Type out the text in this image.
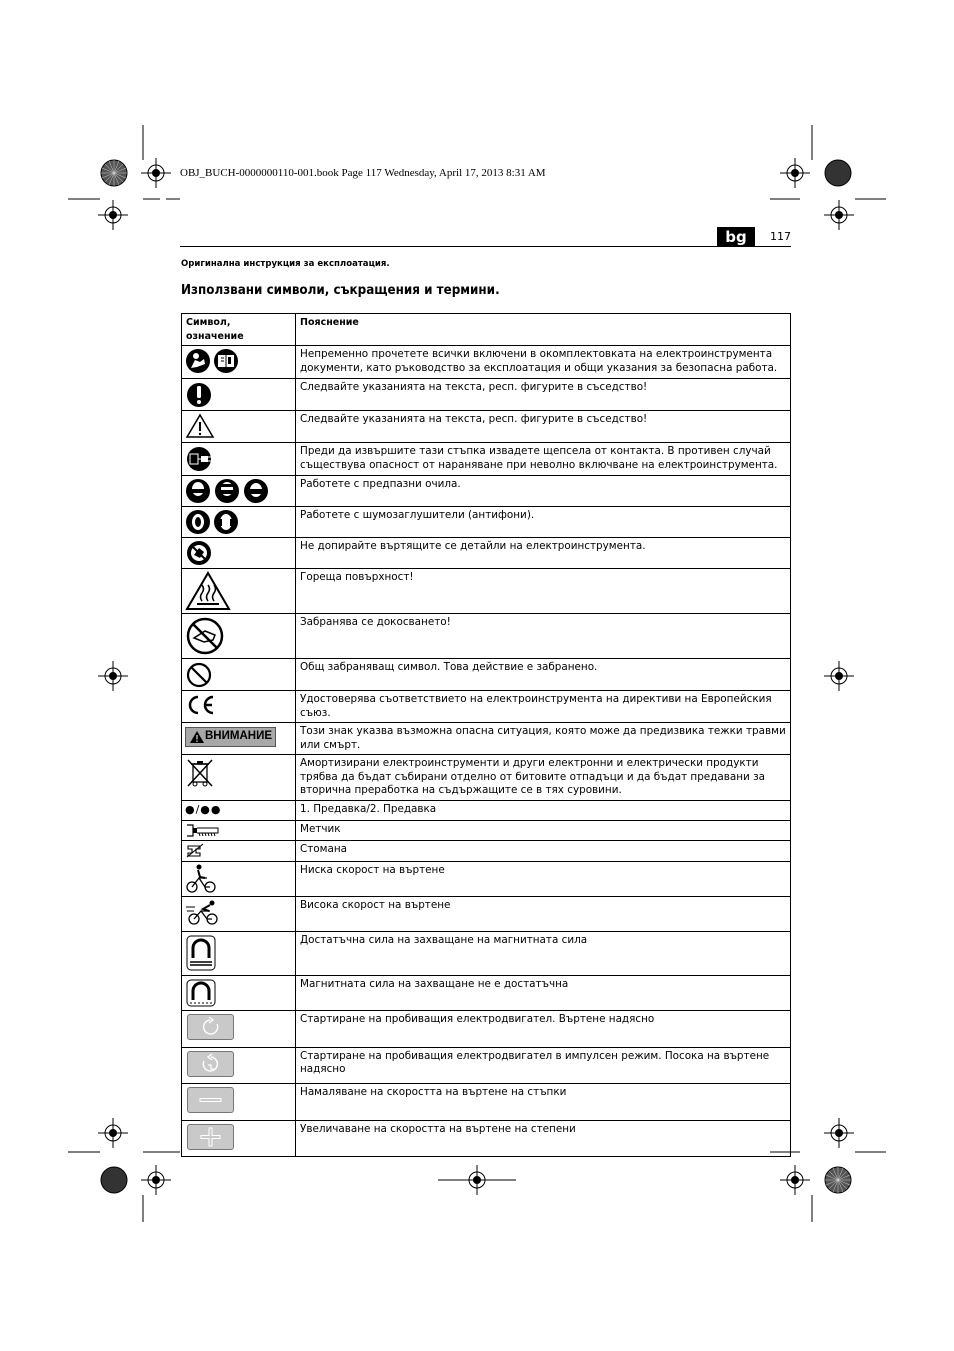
OBJ_BUCH-0000000110-001.book Page 117 Wednesday, April 17, 2013 8:31 AM
bg	117
Оригинална инструкция за експлоатация.
Използвани символи, съкращения и термини.
Символ, означение	Пояснение
	Непременно прочетете всички включени в окомплектовката на електроинструмента документи, като ръководство за експлоатация и общи указания за безопасна работа.
	Следвайте указанията на текста, респ. фигурите в съседство!
	Следвайте указанията на текста, респ. фигурите в съседство!
	Преди да извършите тази стъпка извадете щепсела от контакта. В противен случай съществува опасност от нараняване при неволно включване на електроинструмента.
	Работете с предпазни очила.
	Работете с шумозаглушители (антифони).
	Не допирайте въртящите се детайли на електроинструмента.
	Гореща повърхност!
	Забранява се докосването!
	Общ забраняващ символ. Това действие е забранено.
	Удостоверява съответствието на електроинструмента на директиви на Европейския съюз.

ВНИМАНИЕ	Този знак указва възможна опасна ситуация, която може да предизвика тежки травми или смърт.
	Амортизирани електроинструменти и други електронни и електрически продукти трябва да бъдат събирани отделно от битовите отпадъци и да бъдат предавани за вторична преработка на съдържащите се в тях суровини.
●/●●	1. Предавка/2. Предавка
	Метчик
	Стомана
	Ниска скорост на въртене
	Висока скорост на въртене
	Достатъчна сила на захващане на магнитната сила
	Магнитната сила на захващане не е достатъчна

	Стартиране на пробиващия електродвигател. Въртене надясно

	Стартиране на пробиващия електродвигател в импулсен режим. Посока на въртене надясно

	Намаляване на скоростта на въртене на стъпки

	Увеличаване на скоростта на въртене на степени
